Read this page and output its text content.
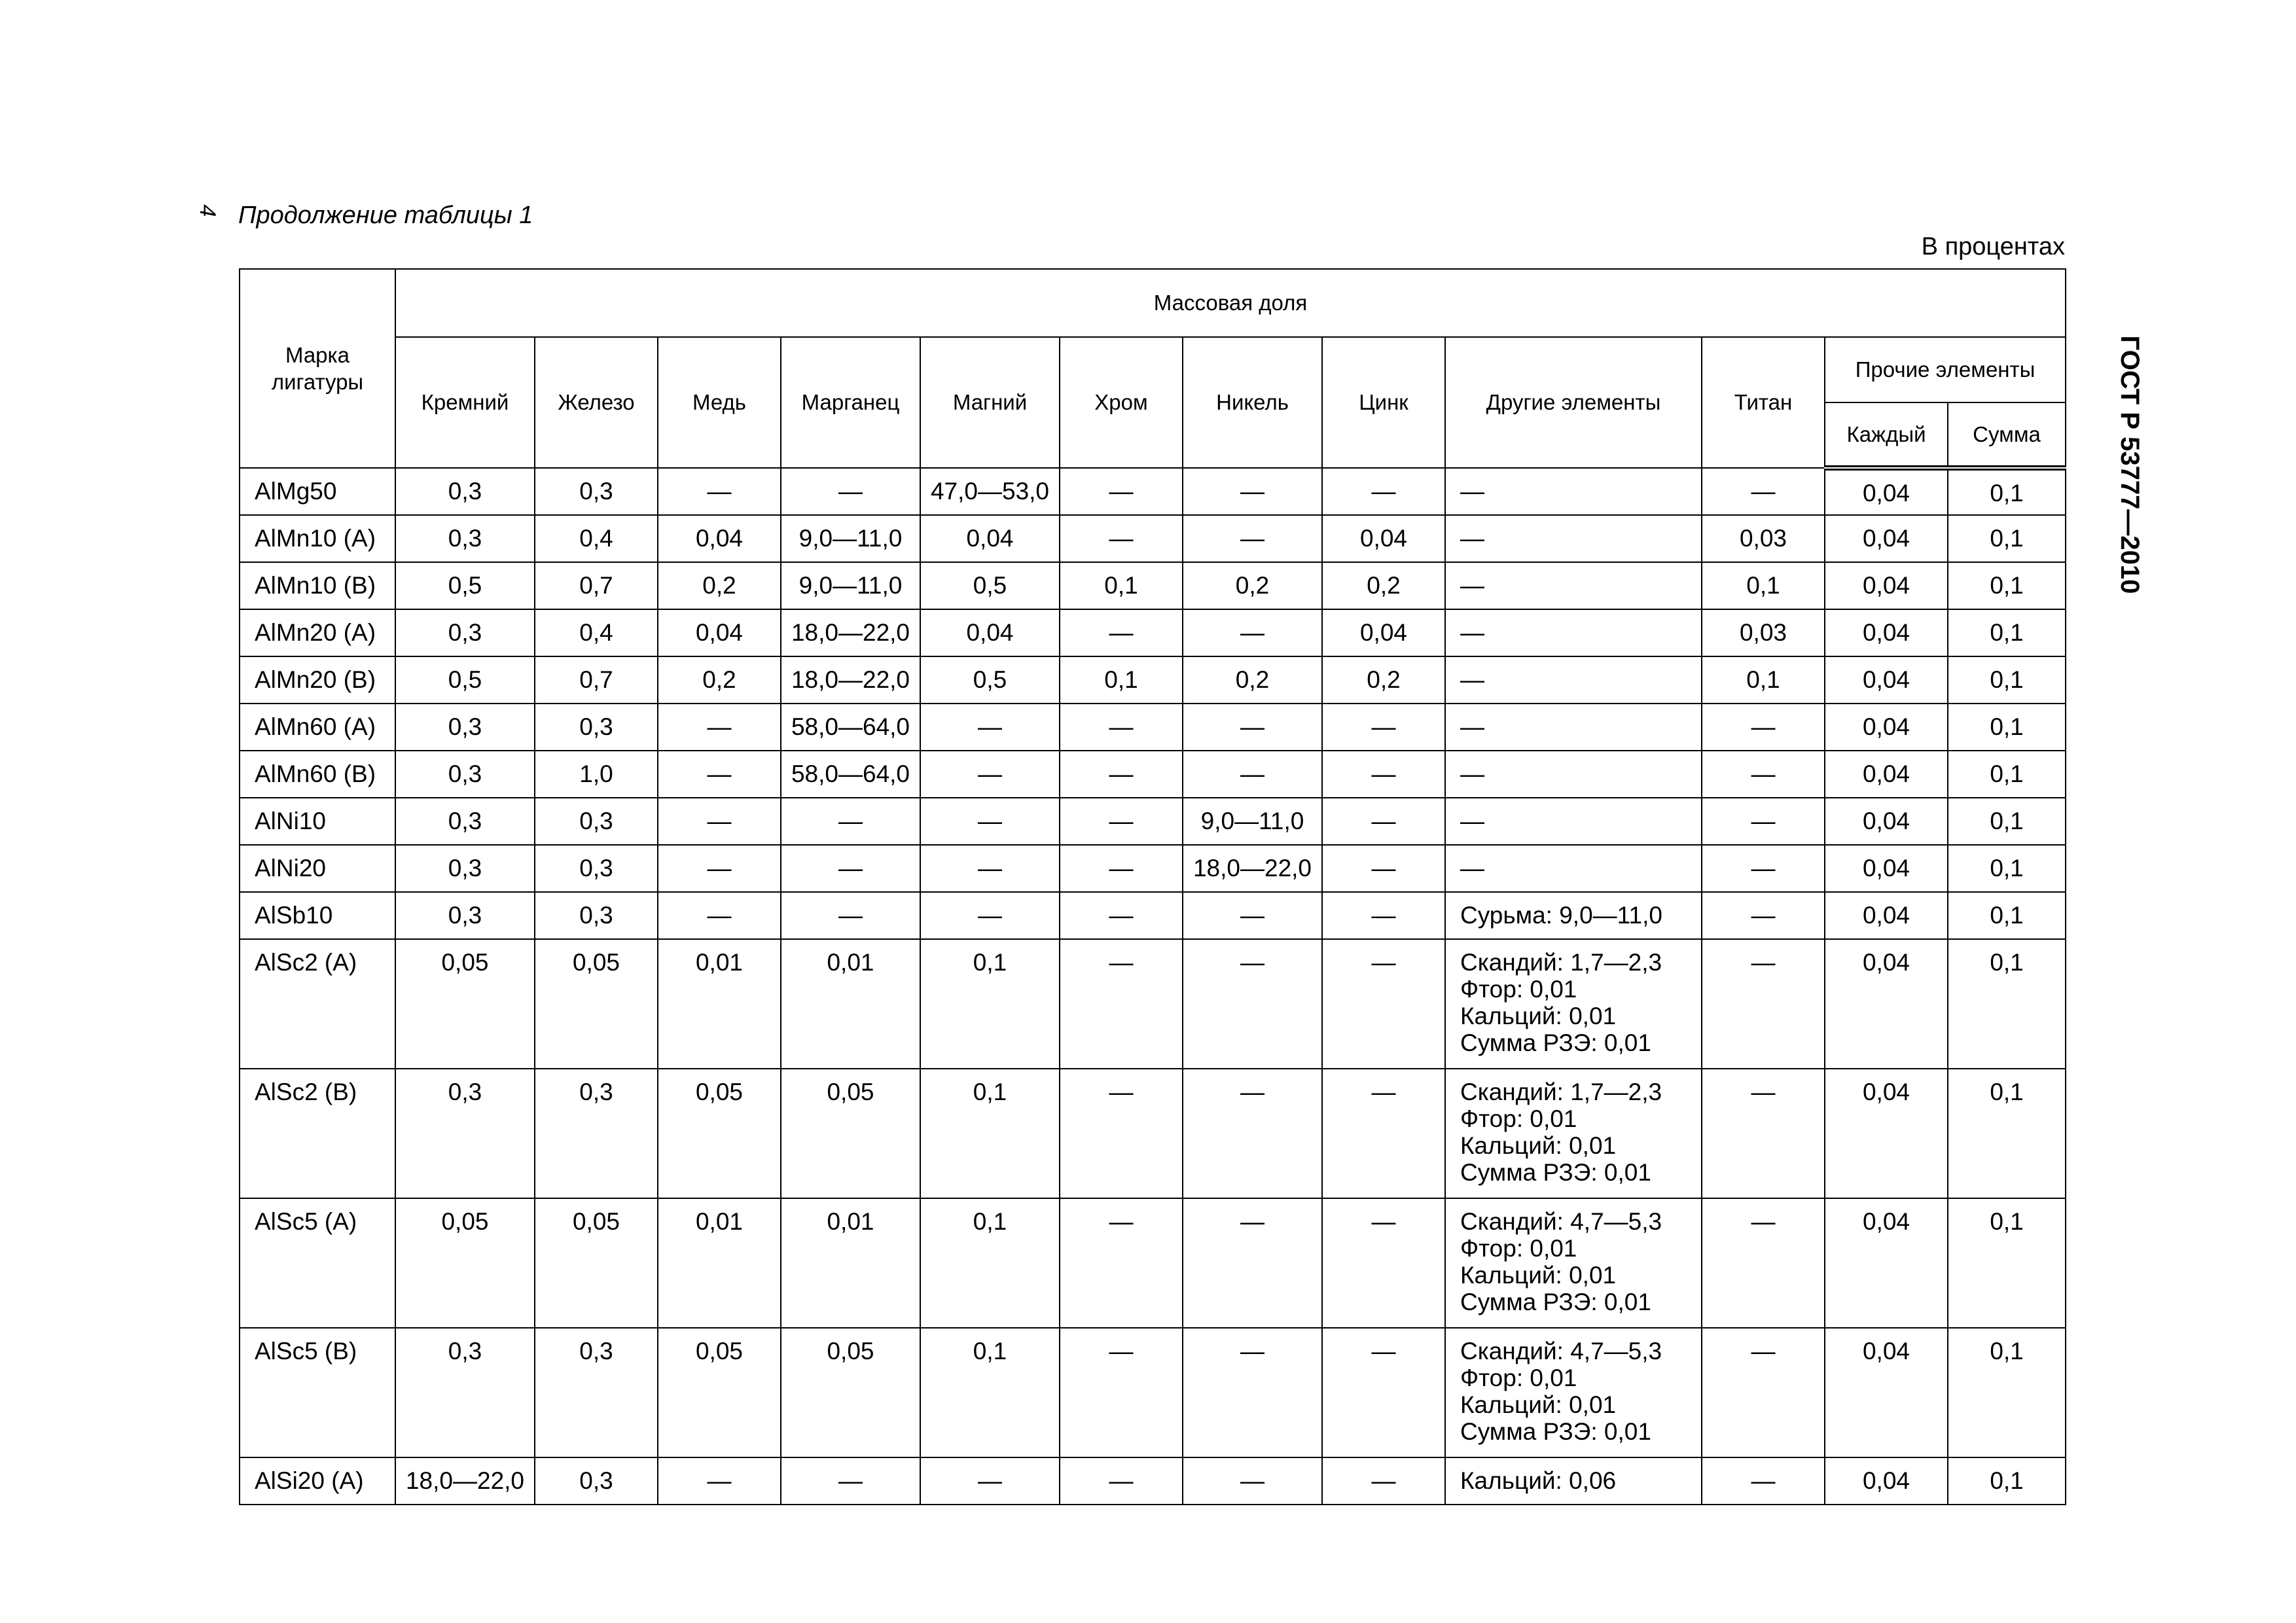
4 Продолжение таблицы 1
В процентах
ГОСТ Р 53777—2010
Марка лигатуры	Массовая доля											
	Кремний	Железо	Медь	Марганец	Магний	Хром	Никель	Цинк	Другие элементы	Титан	Прочие элементы	
											Каждый	Сумма
AlMg50	0,3	0,3	—	—	47,0—53,0	—	—	—	—	—	0,04	0,1
AlMn10 (A)	0,3	0,4	0,04	9,0—11,0	0,04	—	—	0,04	—	0,03	0,04	0,1
AlMn10 (B)	0,5	0,7	0,2	9,0—11,0	0,5	0,1	0,2	0,2	—	0,1	0,04	0,1
AlMn20 (A)	0,3	0,4	0,04	18,0—22,0	0,04	—	—	0,04	—	0,03	0,04	0,1
AlMn20 (B)	0,5	0,7	0,2	18,0—22,0	0,5	0,1	0,2	0,2	—	0,1	0,04	0,1
AlMn60 (A)	0,3	0,3	—	58,0—64,0	—	—	—	—	—	—	0,04	0,1
AlMn60 (B)	0,3	1,0	—	58,0—64,0	—	—	—	—	—	—	0,04	0,1
AlNi10	0,3	0,3	—	—	—	—	9,0—11,0	—	—	—	0,04	0,1
AlNi20	0,3	0,3	—	—	—	—	18,0—22,0	—	—	—	0,04	0,1
AlSb10	0,3	0,3	—	—	—	—	—	—	Сурьма: 9,0—11,0	—	0,04	0,1
AlSc2 (A)	0,05	0,05	0,01	0,01	0,1	—	—	—	Скандий: 1,7—2,3
Фтор: 0,01
Кальций: 0,01
Сумма РЗЭ: 0,01	—	0,04	0,1
AlSc2 (B)	0,3	0,3	0,05	0,05	0,1	—	—	—	Скандий: 1,7—2,3
Фтор: 0,01
Кальций: 0,01
Сумма РЗЭ: 0,01	—	0,04	0,1
AlSc5 (A)	0,05	0,05	0,01	0,01	0,1	—	—	—	Скандий: 4,7—5,3
Фтор: 0,01
Кальций: 0,01
Сумма РЗЭ: 0,01	—	0,04	0,1
AlSc5 (B)	0,3	0,3	0,05	0,05	0,1	—	—	—	Скандий: 4,7—5,3
Фтор: 0,01
Кальций: 0,01
Сумма РЗЭ: 0,01	—	0,04	0,1
AlSi20 (A)	18,0—22,0	0,3	—	—	—	—	—	—	Кальций: 0,06	—	0,04	0,1
